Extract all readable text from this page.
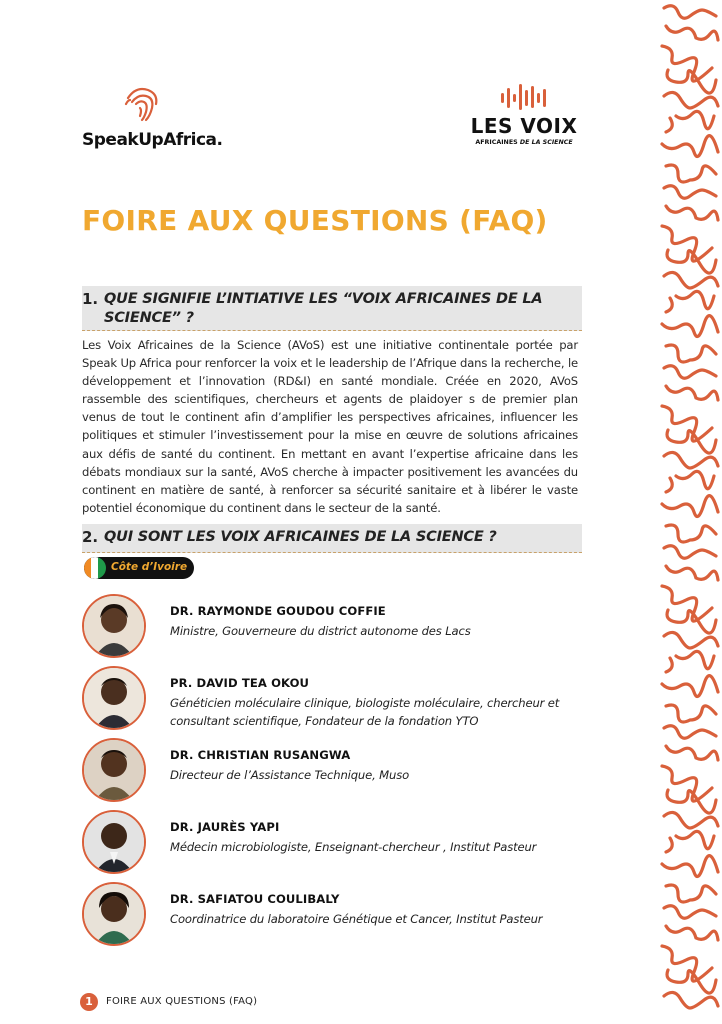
SpeakUpAfrica.
LES VOIX
AFRICAINES DE LA SCIENCE
FOIRE AUX QUESTIONS (FAQ)
1. QUE SIGNIFIE L’INTIATIVE LES “VOIX AFRICAINES DE LA SCIENCE” ?
Les Voix Africaines de la Science (AVoS) est une initiative continentale portée par Speak Up Africa pour renforcer la voix et le leadership de l’Afrique dans la recherche, le développement et l’innovation (RD&I) en santé mondiale. Créée en 2020, AVoS rassemble des scientifiques, chercheurs et agents de plaidoyer s de premier plan venus de tout le continent afin d’amplifier les perspectives africaines, influencer les politiques et stimuler l’investissement pour la mise en œuvre de solutions africaines aux défis de santé du continent. En mettant en avant l’expertise africaine dans les débats mondiaux sur la santé, AVoS cherche à impacter positivement les avancées du continent en matière de santé, à renforcer sa sécurité sanitaire et à libérer le vaste potentiel économique du continent dans le secteur de la santé.
2. QUI SONT LES VOIX AFRICAINES DE LA SCIENCE ?
Côte d’Ivoire
DR. RAYMONDE GOUDOU COFFIE
Ministre, Gouverneure du district autonome des Lacs
PR. DAVID TEA OKOU
Généticien moléculaire clinique, biologiste moléculaire, chercheur et consultant scientifique, Fondateur de la fondation YTO
DR. CHRISTIAN RUSANGWA
Directeur de l’Assistance Technique, Muso
DR. JAURÈS YAPI
Médecin microbiologiste, Enseignant-chercheur , Institut Pasteur
DR. SAFIATOU COULIBALY
Coordinatrice du laboratoire Génétique et Cancer, Institut Pasteur
1	FOIRE AUX QUESTIONS (FAQ)
